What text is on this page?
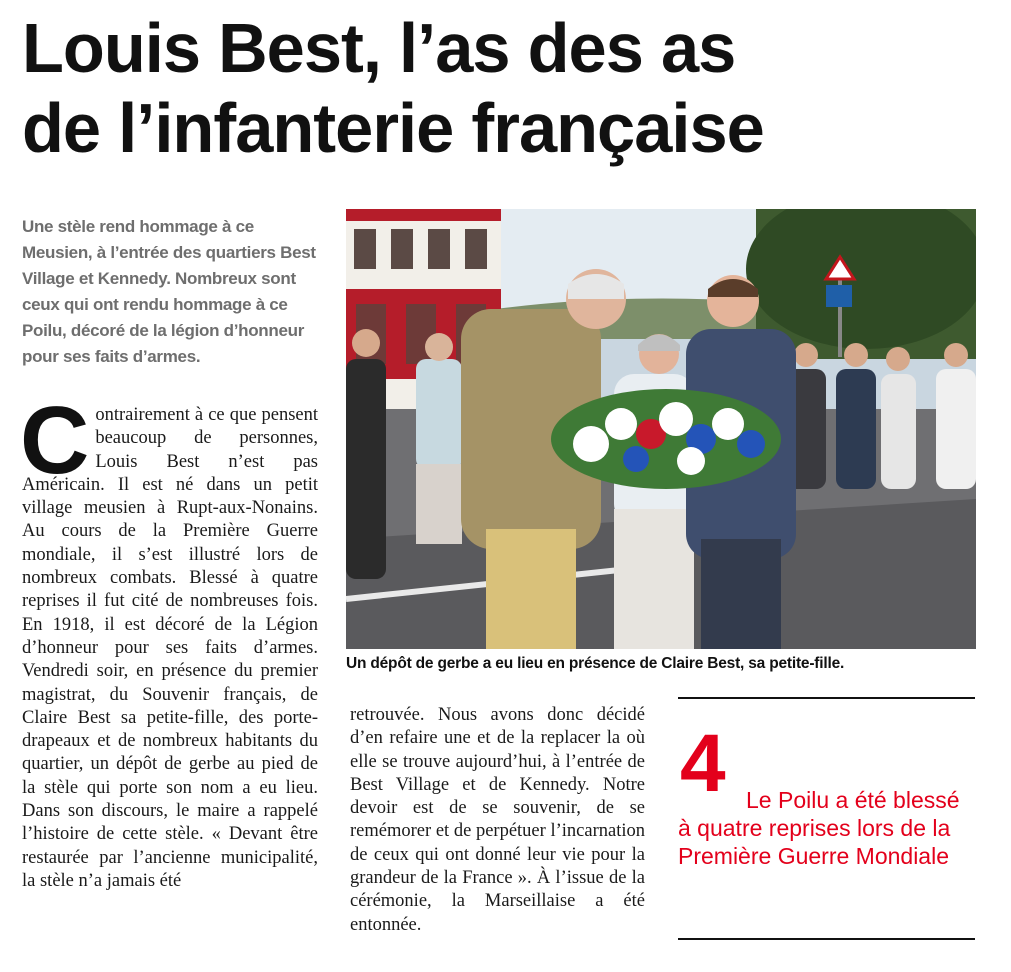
Louis Best, l’as des as
de l’infanterie française

Une stèle rend hommage à ce Meusien, à l’entrée des quartiers Best Village et Kennedy. Nombreux sont ceux qui ont rendu hommage à ce Poilu, décoré de la légion d’honneur pour ses faits d’armes.

Contrairement à ce que pensent beaucoup de personnes, Louis Best n’est pas Américain. Il est né dans un petit village meusien à Rupt-aux-Nonains. Au cours de la Première Guerre mondiale, il s’est illustré lors de nombreux combats. Blessé à quatre reprises il fut cité de nombreuses fois. En 1918, il est décoré de la Légion d’honneur pour ses faits d’armes. Vendredi soir, en présence du premier magistrat, du Souvenir français, de Claire Best sa petite-fille, des porte-drapeaux et de nombreux habitants du quartier, un dépôt de gerbe au pied de la stèle qui porte son nom a eu lieu. Dans son discours, le maire a rappelé l’histoire de cette stèle. « Devant être restaurée par l’ancienne municipalité, la stèle n’a jamais été

Un dépôt de gerbe a eu lieu en présence de Claire Best, sa petite-fille.

retrouvée. Nous avons donc décidé d’en refaire une et de la replacer la où elle se trouve aujourd’hui, à l’entrée de Best Village et de Kennedy. Notre devoir est de se souvenir, de se remémorer et de perpétuer l’incarnation de ceux qui ont donné leur vie pour la grandeur de la France ». À l’issue de la cérémonie, la Marseillaise a été entonnée.

4 Le Poilu a été blessé à quatre reprises lors de la Première Guerre Mondiale
